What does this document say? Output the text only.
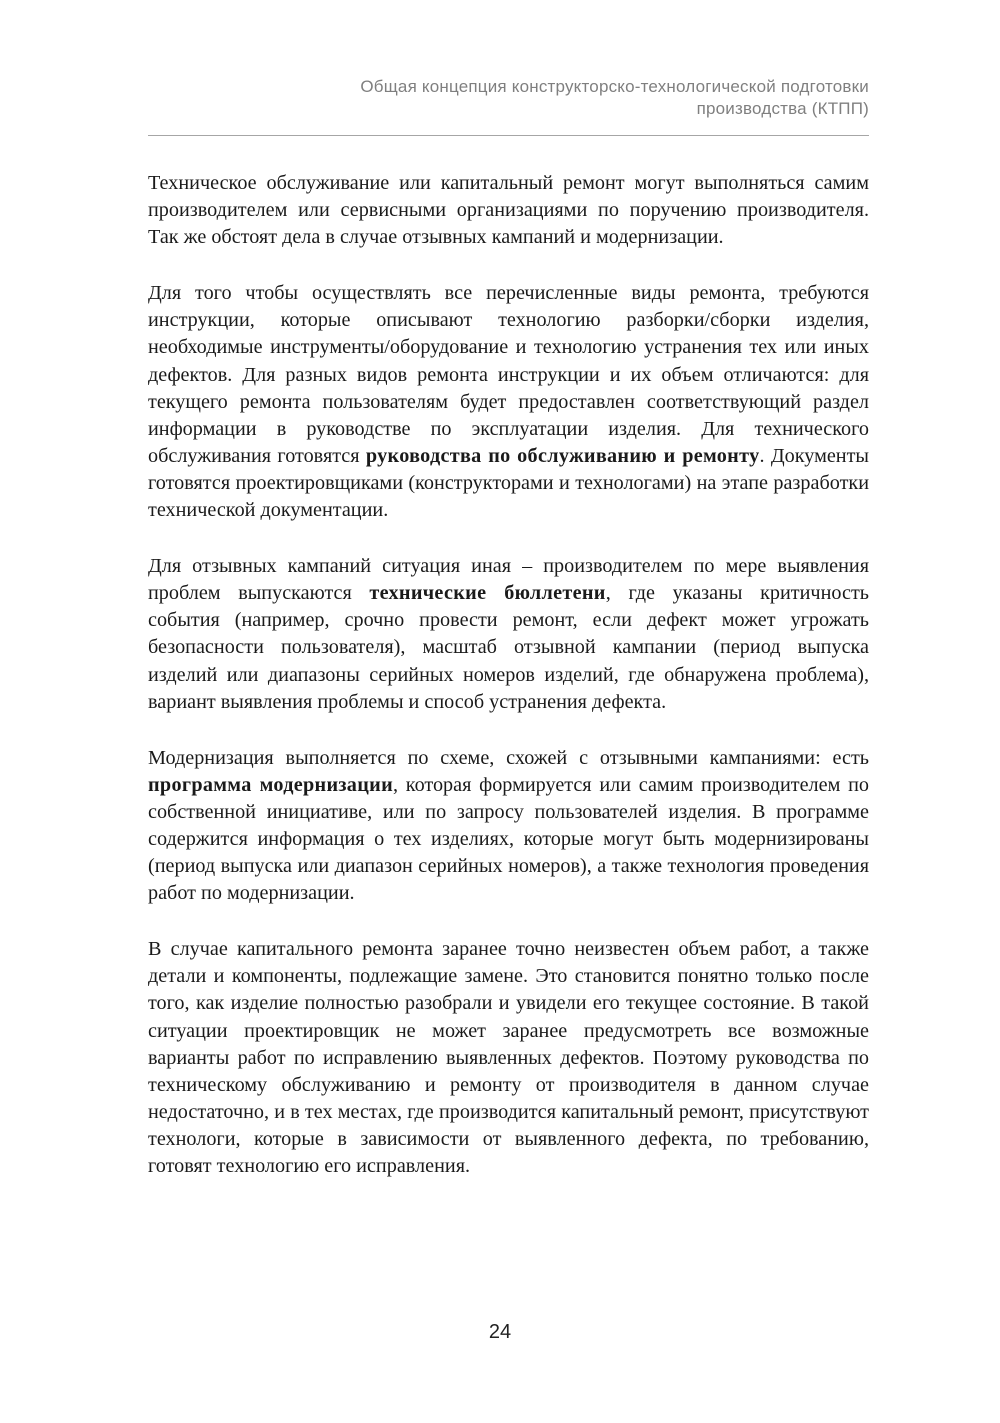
Общая концепция конструкторско-технологической подготовки
производства (КТПП)

Техническое обслуживание или капитальный ремонт могут выполняться самим производителем или сервисными организациями по поручению производителя. Так же обстоят дела в случае отзывных кампаний и модернизации.

Для того чтобы осуществлять все перечисленные виды ремонта, требуются инструкции, которые описывают технологию разборки/сборки изделия, необходимые инструменты/оборудование и технологию устранения тех или иных дефектов. Для разных видов ремонта инструкции и их объем отличаются: для текущего ремонта пользователям будет предоставлен соответствующий раздел информации в руководстве по эксплуатации изделия. Для технического обслуживания готовятся руководства по обслуживанию и ремонту. Документы готовятся проектировщиками (конструкторами и технологами) на этапе разработки технической документации.

Для отзывных кампаний ситуация иная – производителем по мере выявления проблем выпускаются технические бюллетени, где указаны критичность события (например, срочно провести ремонт, если дефект может угрожать безопасности пользователя), масштаб отзывной кампании (период выпуска изделий или диапазоны серийных номеров изделий, где обнаружена проблема), вариант выявления проблемы и способ устранения дефекта.

Модернизация выполняется по схеме, схожей с отзывными кампаниями: есть программа модернизации, которая формируется или самим производителем по собственной инициативе, или по запросу пользователей изделия. В программе содержится информация о тех изделиях, которые могут быть модернизированы (период выпуска или диапазон серийных номеров), а также технология проведения работ по модернизации.

В случае капитального ремонта заранее точно неизвестен объем работ, а также детали и компоненты, подлежащие замене. Это становится понятно только после того, как изделие полностью разобрали и увидели его текущее состояние. В такой ситуации проектировщик не может заранее предусмотреть все возможные варианты работ по исправлению выявленных дефектов. Поэтому руководства по техническому обслуживанию и ремонту от производителя в данном случае недостаточно, и в тех местах, где производится капитальный ремонт, присутствуют технологи, которые в зависимости от выявленного дефекта, по требованию, готовят технологию его исправления.

24
